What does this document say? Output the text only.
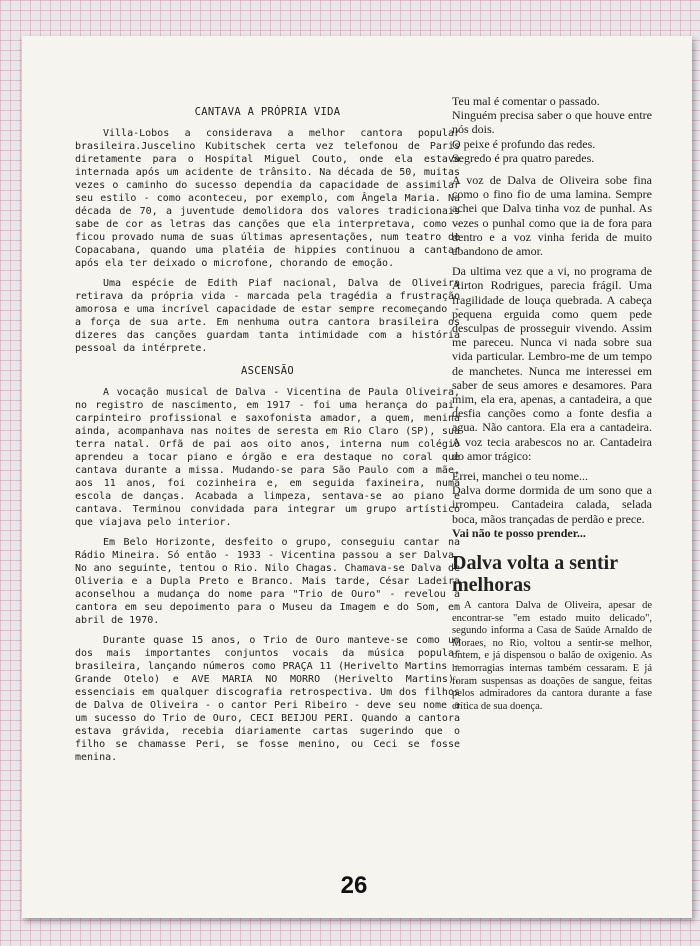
CANTAVA A PRÓPRIA VIDA

Villa-Lobos a considerava a melhor cantora popular brasileira.Juscelino Kubitschek certa vez telefonou de Paris diretamente para o Hospital Miguel Couto, onde ela estava internada após um acidente de trânsito. Na década de 50, muitas vezes o caminho do sucesso dependia da capacidade de assimilar seu estilo - como aconteceu, por exemplo, com Ângela Maria. Na década de 70, a juventude demolidora dos valores tradicionais sabe de cor as letras das canções que ela interpretava, como - ficou provado numa de suas últimas apresentações, num teatro de Copacabana, quando uma platéia de hippies continuou a cantar após ela ter deixado o microfone, chorando de emoção.

Uma espécie de Edith Piaf nacional, Dalva de Oliveira retirava da própria vida - marcada pela tragédia a frustração amorosa e uma incrível capacidade de estar sempre recomeçando - a força de sua arte. Em nenhuma outra cantora brasileira os dizeres das canções guardam tanta intimidade com a história pessoal da intérprete.

ASCENSÃO

A vocação musical de Dalva - Vicentina de Paula Oliveira, no registro de nascimento, em 1917 - foi uma herança do pai, carpinteiro profissional e saxofonista amador, a quem, menina ainda, acompanhava nas noites de seresta em Rio Claro (SP), sua terra natal. Orfã de pai aos oito anos, interna num colégio aprendeu a tocar piano e órgão e era destaque no coral que cantava durante a missa. Mudando-se para São Paulo com a mãe, aos 11 anos, foi cozinheira e, em seguida faxineira, numa escola de danças. Acabada a limpeza, sentava-se ao piano e cantava. Terminou convidada para integrar um grupo artístico que viajava pelo interior.

Em Belo Horizonte, desfeito o grupo, conseguiu cantar na Rádio Mineira. Só então - 1933 - Vicentina passou a ser Dalva. No ano seguinte, tentou o Rio. Nilo Chagas. Chamava-se Dalva de Oliveria e a Dupla Preto e Branco. Mais tarde, César Ladeira aconselhou a mudança do nome para "Trio de Ouro" - revelou a cantora em seu depoimento para o Museu da Imagem e do Som, em abril de 1970.

Durante quase 15 anos, o Trio de Ouro manteve-se como um dos mais importantes conjuntos vocais da música popular brasileira, lançando números como PRAÇA 11 (Herivelto Martins - Grande Otelo) e AVE MARIA NO MORRO (Herivelto Martins), essenciais em qualquer discografia retrospectiva. Um dos filhos de Dalva de Oliveira - o cantor Peri Ribeiro - deve seu nome a um sucesso do Trio de Ouro, CECI BEIJOU PERI. Quando a cantora estava grávida, recebia diariamente cartas sugerindo que o filho se chamasse Peri, se fosse menino, ou Ceci se fosse menina.

Teu mal é comentar o passado.

Ninguém precisa saber o que houve entre nós dois.

O peixe é profundo das redes.

Segredo é pra quatro paredes.

A voz de Dalva de Oliveira sobe fina como o fino fio de uma lamina. Sempre achei que Dalva tinha voz de punhal. As vezes o punhal como que ia de fora para dentro e a voz vinha ferida de muito abandono de amor.

Da ultima vez que a vi, no programa de Airton Rodrigues, parecia frágil. Uma fragilidade de louça quebrada. A cabeça pequena erguida como quem pede desculpas de prosseguir vivendo. Assim me pareceu. Nunca vi nada sobre sua vida particular. Lembro-me de um tempo de manchetes. Nunca me interessei em saber de seus amores e desamores. Para mim, ela era, apenas, a cantadeira, a que desfia canções como a fonte desfia a agua. Não cantora. Ela era a cantadeira. A voz tecia arabescos no ar. Cantadeira do amor trágico:

Errei, manchei o teu nome...

Dalva dorme dormida de um sono que a irrompeu. Cantadeira calada, selada boca, mãos trançadas de perdão e prece.

Vai não te posso prender...

Dalva volta a sentir melhoras

A cantora Dalva de Oliveira, apesar de encontrar-se "em estado muito delicado", segundo informa a Casa de Saúde Arnaldo de Moraes, no Rio, voltou a sentir-se melhor, ontem, e já dispensou o balão de oxigenio. As hemorragias internas também cessaram. E já foram suspensas as doações de sangue, feitas pelos admiradores da cantora durante a fase crítica de sua doença.

26
